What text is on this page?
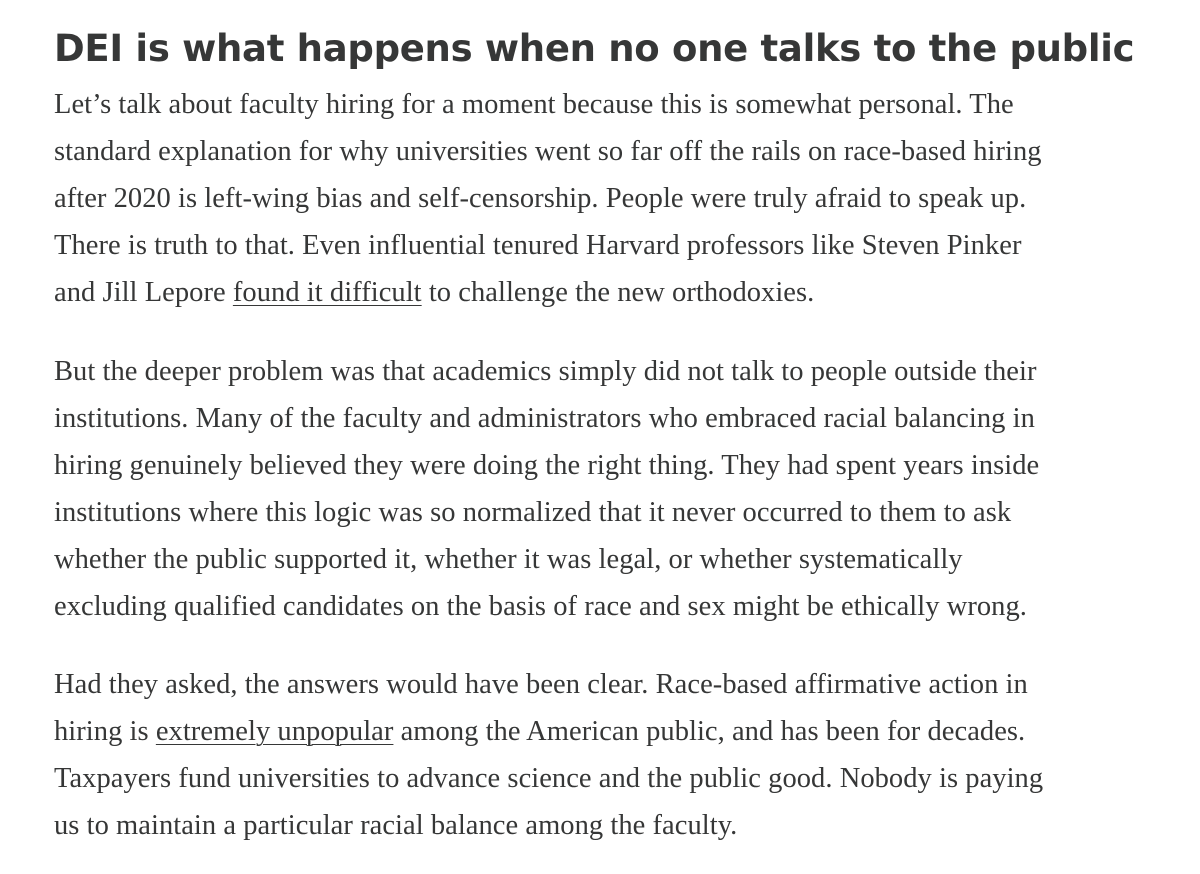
DEI is what happens when no one talks to the public

Let’s talk about faculty hiring for a moment because this is somewhat personal. The
standard explanation for why universities went so far off the rails on race-based hiring
after 2020 is left-wing bias and self-censorship. People were truly afraid to speak up.
There is truth to that. Even influential tenured Harvard professors like Steven Pinker
and Jill Lepore found it difficult to challenge the new orthodoxies.

But the deeper problem was that academics simply did not talk to people outside their
institutions. Many of the faculty and administrators who embraced racial balancing in
hiring genuinely believed they were doing the right thing. They had spent years inside
institutions where this logic was so normalized that it never occurred to them to ask
whether the public supported it, whether it was legal, or whether systematically
excluding qualified candidates on the basis of race and sex might be ethically wrong.

Had they asked, the answers would have been clear. Race-based affirmative action in
hiring is extremely unpopular among the American public, and has been for decades.
Taxpayers fund universities to advance science and the public good. Nobody is paying
us to maintain a particular racial balance among the faculty.
